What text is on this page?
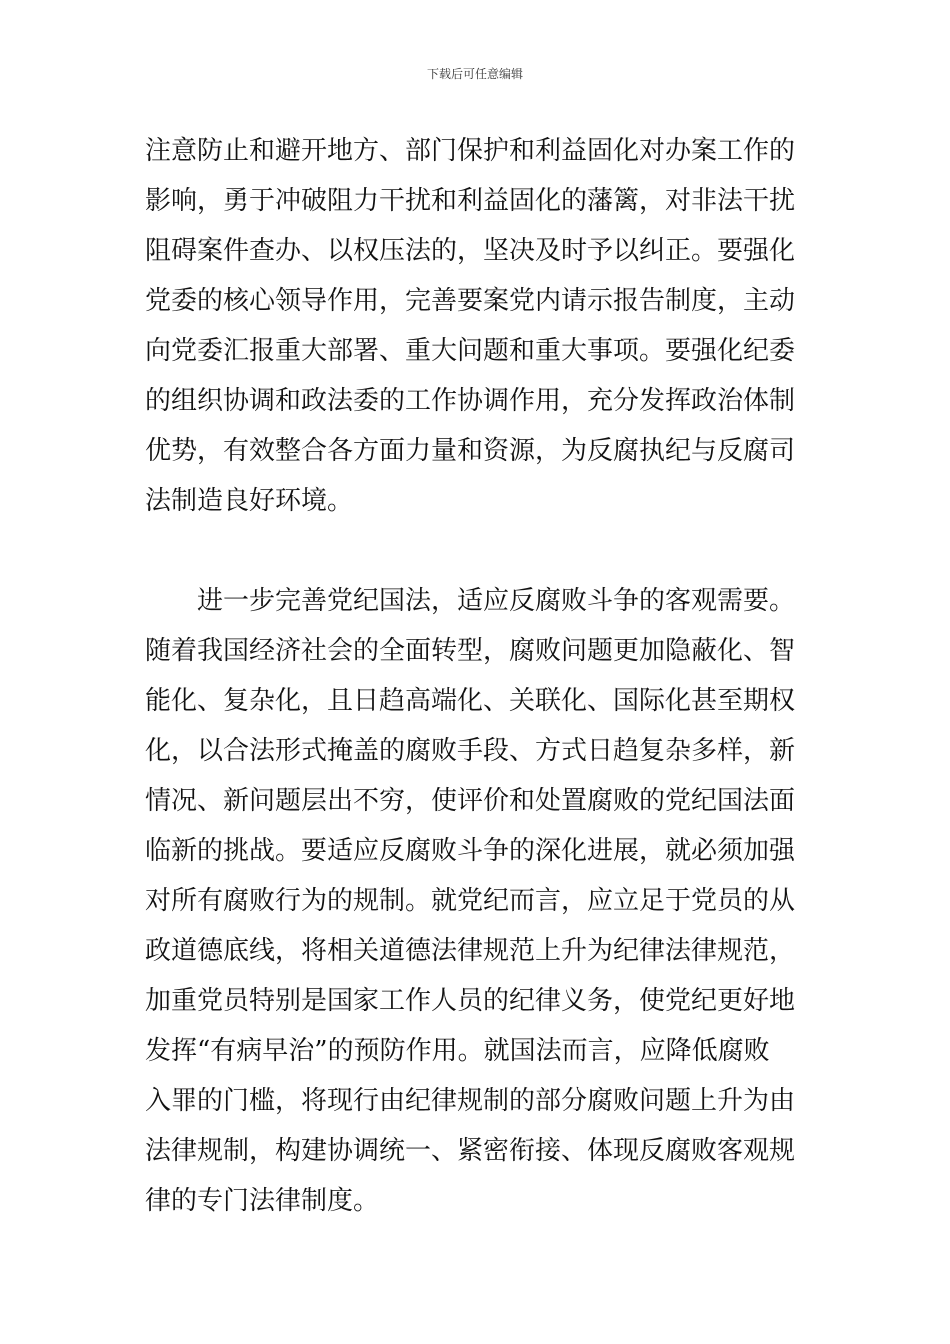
下载后可任意编辑
注意防止和避开地方、部门保护和利益固化对办案工作的
影响，勇于冲破阻力干扰和利益固化的藩篱，对非法干扰
阻碍案件查办、以权压法的，坚决及时予以纠正。要强化
党委的核心领导作用，完善要案党内请示报告制度，主动
向党委汇报重大部署、重大问题和重大事项。要强化纪委
的组织协调和政法委的工作协调作用，充分发挥政治体制
优势，有效整合各方面力量和资源，为反腐执纪与反腐司
法制造良好环境。
进一步完善党纪国法，适应反腐败斗争的客观需要。
随着我国经济社会的全面转型，腐败问题更加隐蔽化、智
能化、复杂化，且日趋高端化、关联化、国际化甚至期权
化，以合法形式掩盖的腐败手段、方式日趋复杂多样，新
情况、新问题层出不穷，使评价和处置腐败的党纪国法面
临新的挑战。要适应反腐败斗争的深化进展，就必须加强
对所有腐败行为的规制。就党纪而言，应立足于党员的从
政道德底线，将相关道德法律规范上升为纪律法律规范，
加重党员特别是国家工作人员的纪律义务，使党纪更好地
发挥“有病早治”的预防作用。就国法而言，应降低腐败
入罪的门槛，将现行由纪律规制的部分腐败问题上升为由
法律规制，构建协调统一、紧密衔接、体现反腐败客观规
律的专门法律制度。
